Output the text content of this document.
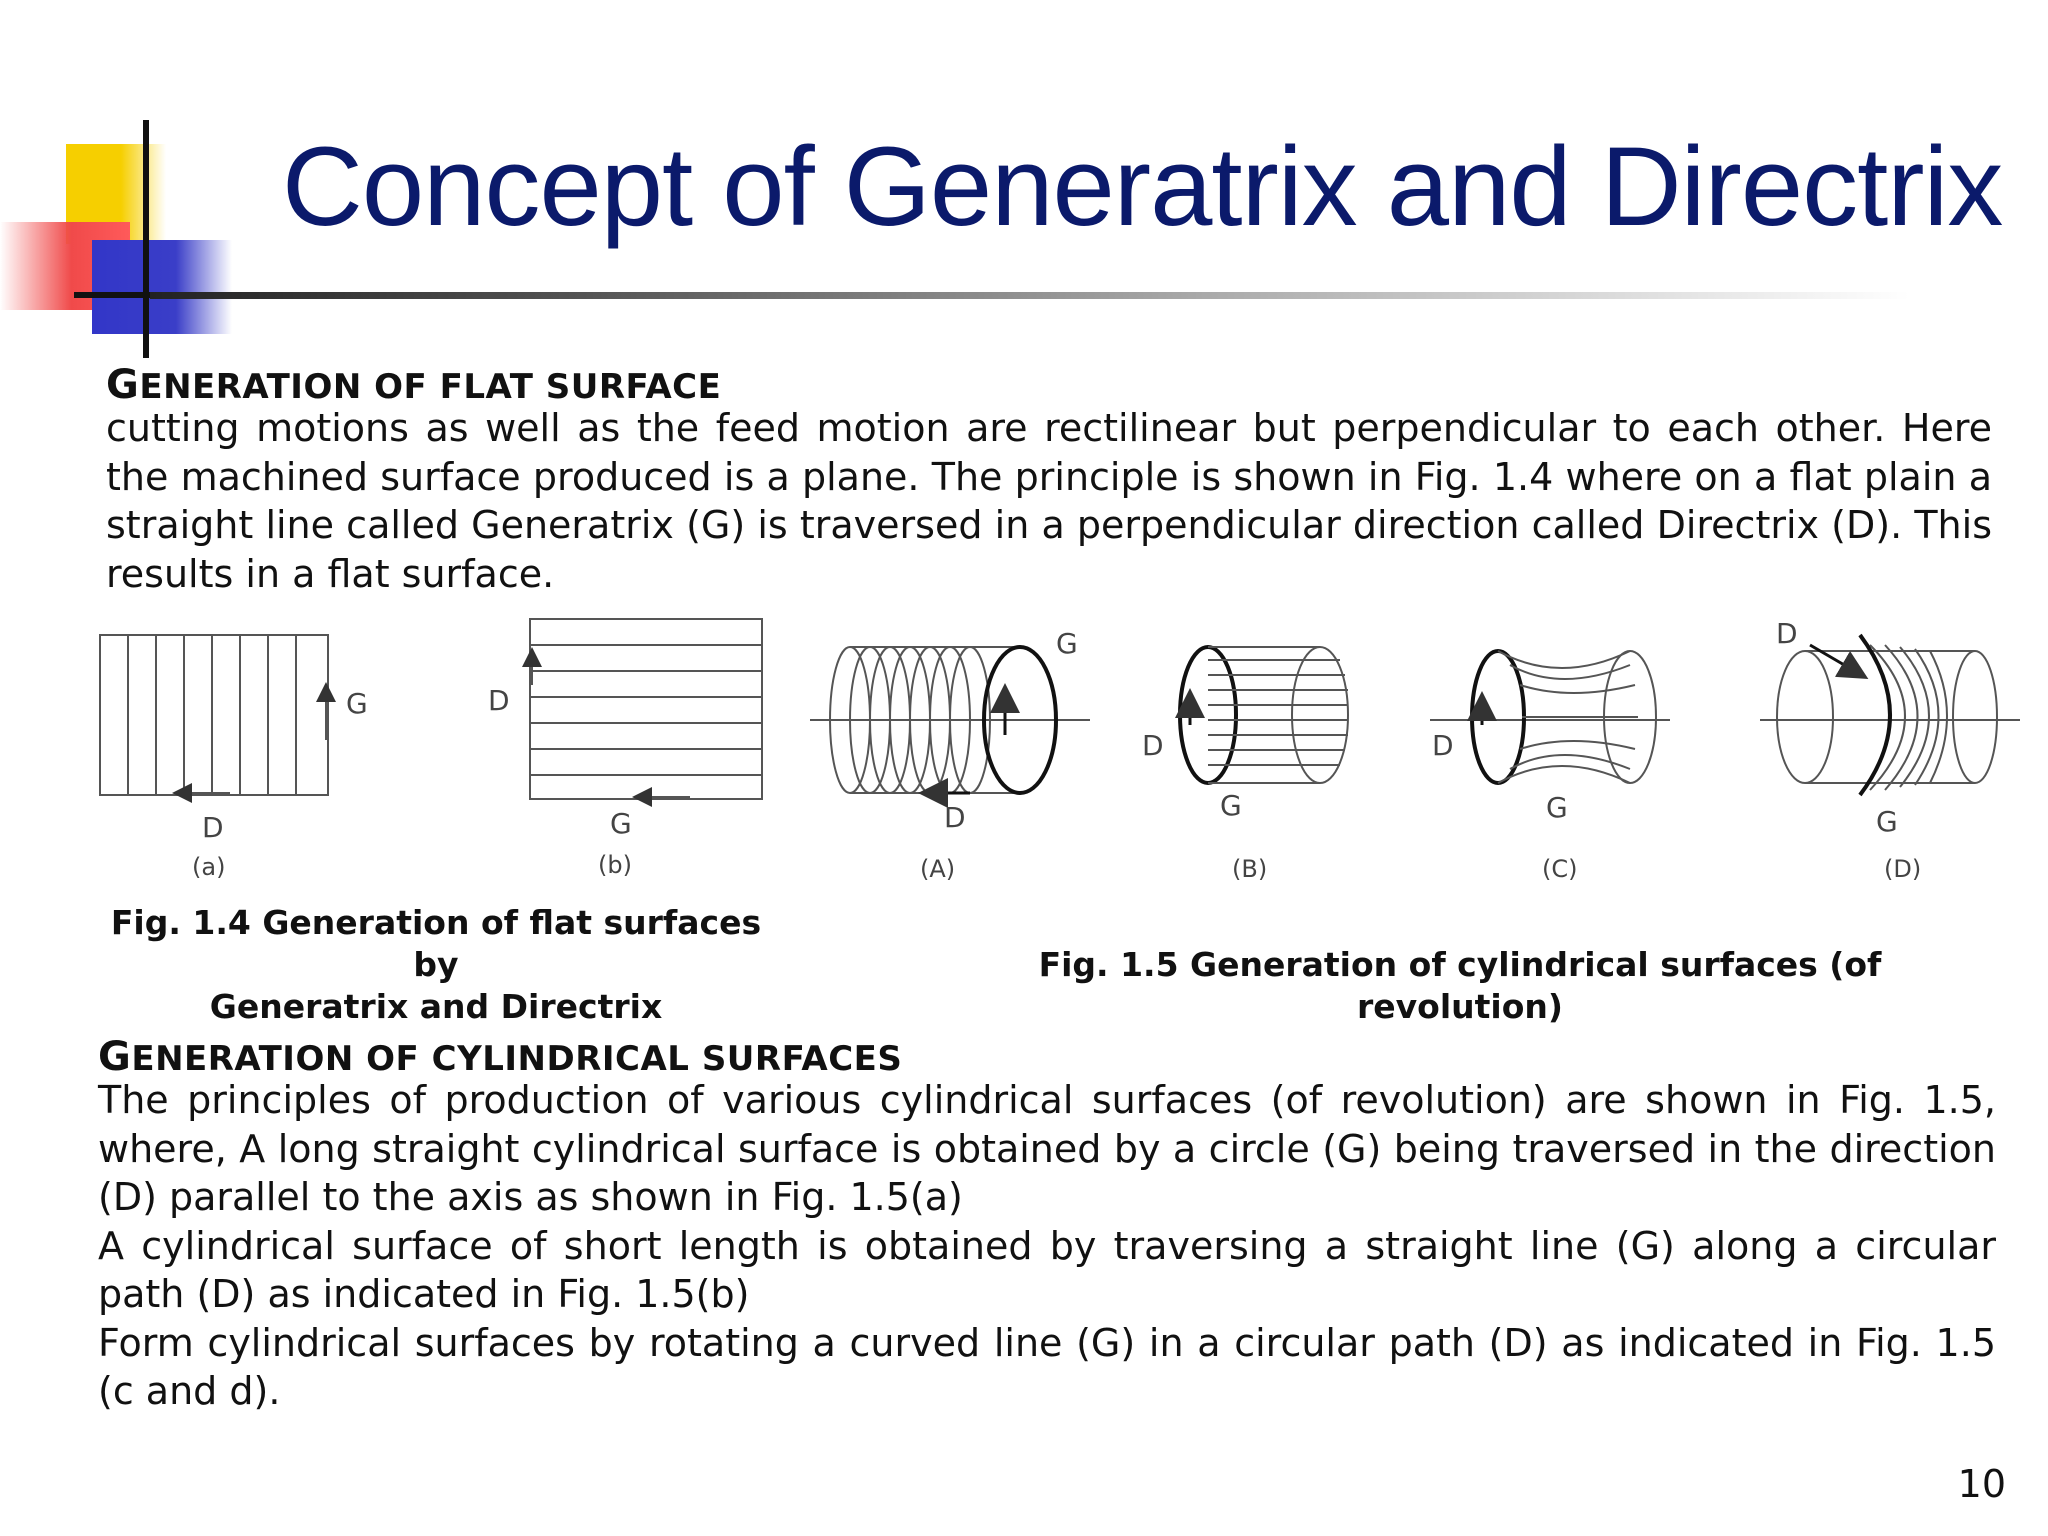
Concept of Generatrix and Directrix
GENERATION OF FLAT SURFACE

cutting motions as well as the feed motion are rectilinear but perpendicular to each other. Here the machined surface produced is a plane. The principle is shown in Fig. 1.4 where on a flat plain a straight line called Generatrix (G) is traversed in a perpendicular direction called Directrix (D). This results in a flat surface.

G
D
(a)
D
G
(b)
G
D
(A)
G
D
(B)
G
D
(C)
D
G
(D)
Fig. 1.4 Generation of flat surfaces by
Generatrix and Directrix
Fig. 1.5 Generation of cylindrical surfaces (of revolution)
GENERATION OF CYLINDRICAL SURFACES

The principles of production of various cylindrical surfaces (of revolution) are shown in Fig. 1.5, where, A long straight cylindrical surface is obtained by a circle (G) being traversed in the direction (D) parallel to the axis as shown in Fig. 1.5(a)

A cylindrical surface of short length is obtained by traversing a straight line (G) along a circular path (D) as indicated in Fig. 1.5(b)

Form cylindrical surfaces by rotating a curved line (G) in a circular path (D) as indicated in Fig. 1.5 (c and d).

10
